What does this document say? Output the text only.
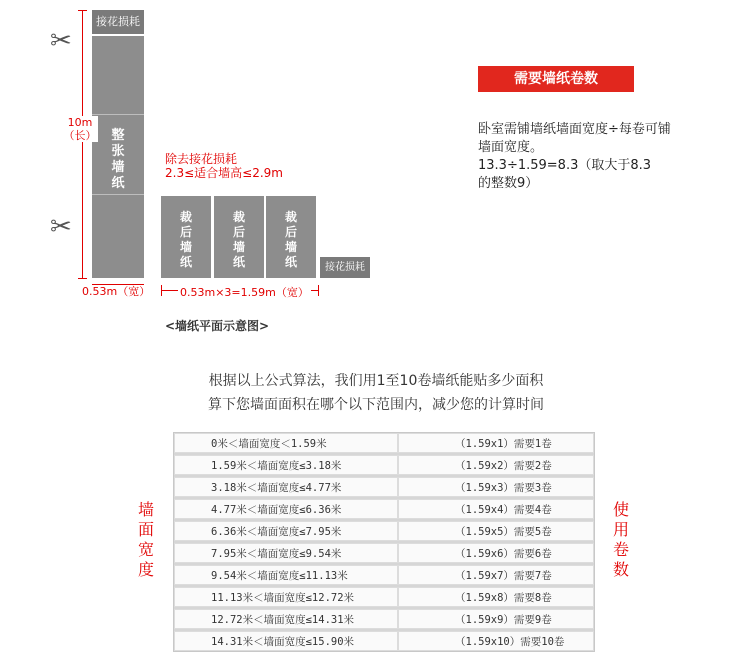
接花损耗
整张墙纸
✂
✂
10m
（长）
除去接花损耗
2.3≤适合墙高≤2.9m
裁后墙纸
裁后墙纸
裁后墙纸	接花损耗
0.53m（宽）	0.53m×3=1.59m（宽）
<墙纸平面示意图>
需要墙纸卷数
卧室需铺墙纸墙面宽度÷每卷可铺
墙面宽度。
13.3÷1.59=8.3（取大于8.3
的整数9）
根据以上公式算法，我们用1至10卷墙纸能贴多少面积
算下您墙面面积在哪个以下范围内，减少您的计算时间
墙面宽度
使用卷数
0米＜墙面宽度＜1.59米	（1.59x1）需要1卷
1.59米＜墙面宽度≤3.18米	（1.59x2）需要2卷
3.18米＜墙面宽度≤4.77米	（1.59x3）需要3卷
4.77米＜墙面宽度≤6.36米	（1.59x4）需要4卷
6.36米＜墙面宽度≤7.95米	（1.59x5）需要5卷
7.95米＜墙面宽度≤9.54米	（1.59x6）需要6卷
9.54米＜墙面宽度≤11.13米	（1.59x7）需要7卷
11.13米＜墙面宽度≤12.72米	（1.59x8）需要8卷
12.72米＜墙面宽度≤14.31米	（1.59x9）需要9卷
14.31米＜墙面宽度≤15.90米	（1.59x10）需要10卷
